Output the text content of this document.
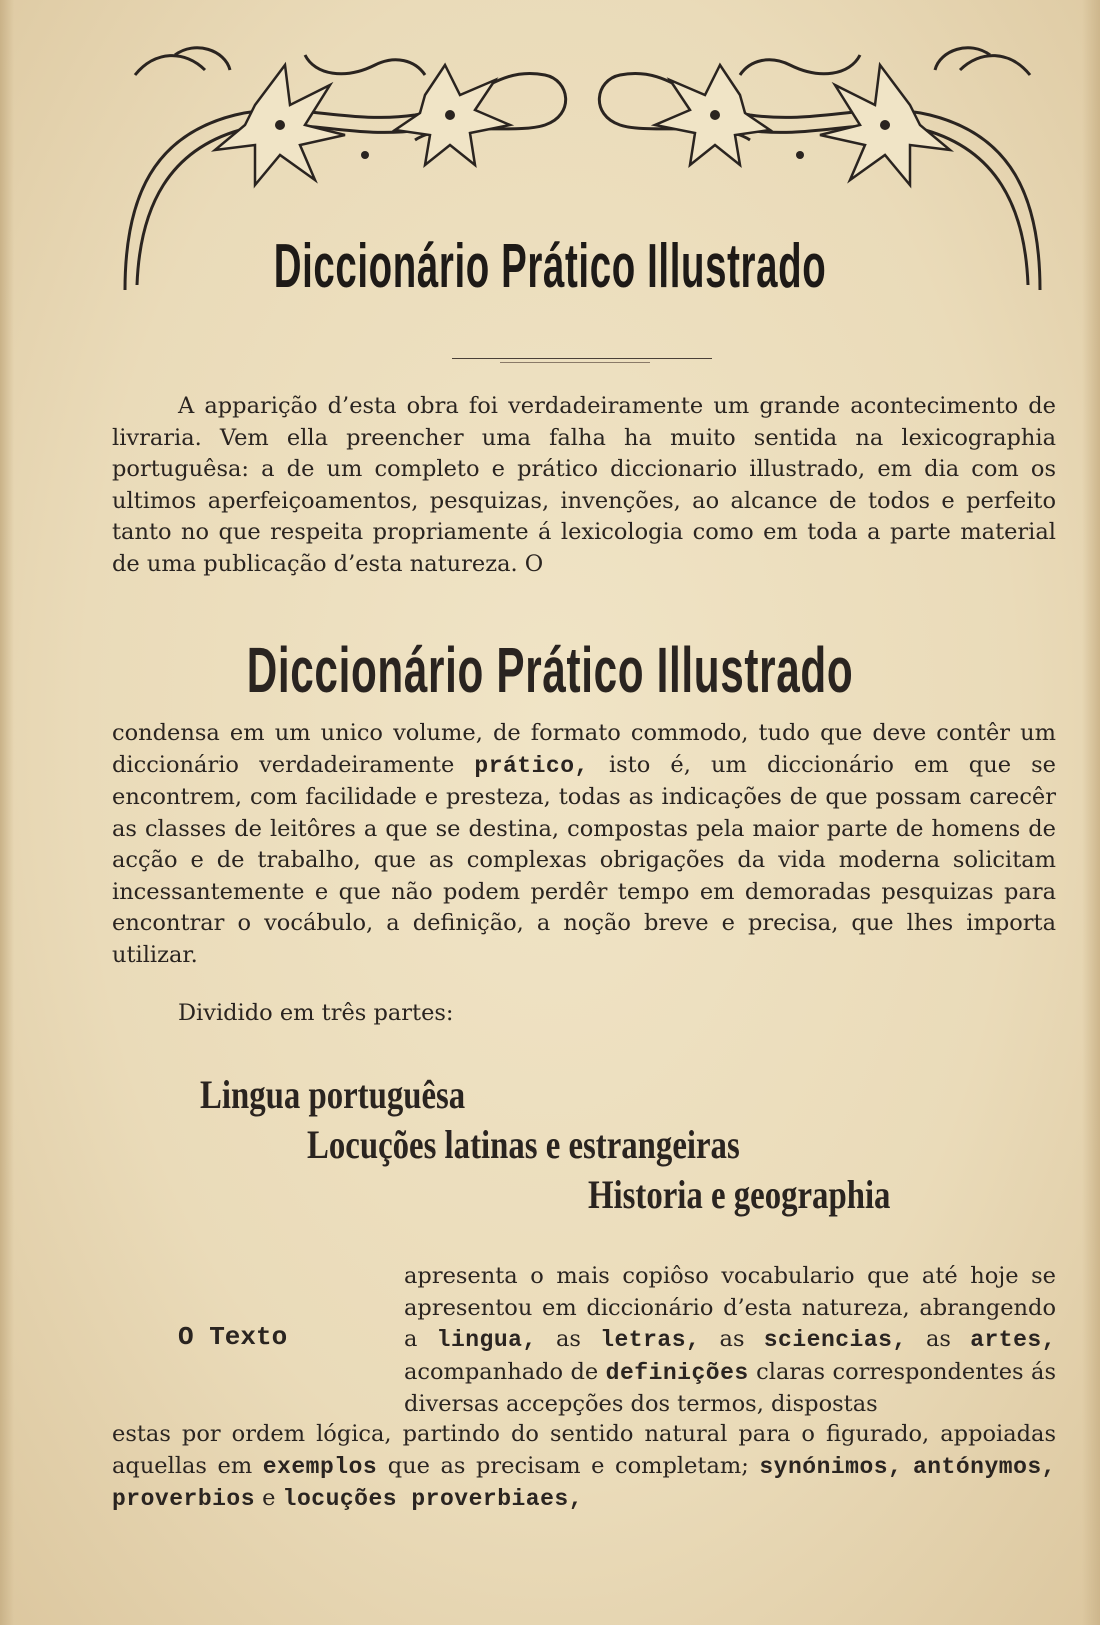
Diccionário Prático Illustrado

A apparição d’esta obra foi verdadeiramente um grande acontecimento de livraria. Vem ella preencher uma falha ha muito sentida na lexicographia portuguêsa: a de um completo e prático diccionario illustrado, em dia com os ultimos aperfeiçoamentos, pesquizas, invenções, ao alcance de todos e perfeito tanto no que respeita propriamente á lexicologia como em toda a parte material de uma publicação d’esta natureza. O

Diccionário Prático Illustrado

condensa em um unico volume, de formato commodo, tudo que deve contêr um diccionário verdadeiramente prático, isto é, um diccionário em que se encontrem, com facilidade e presteza, todas as indicações de que possam carecêr as classes de leitôres a que se destina, compostas pela maior parte de homens de acção e de trabalho, que as complexas obrigações da vida moderna solicitam incessantemente e que não podem perdêr tempo em demoradas pesquizas para encontrar o vocábulo, a definição, a noção breve e precisa, que lhes importa utilizar.

Dividido em três partes:

Lingua portuguêsa
Locuções latinas e estrangeiras
Historia e geographia
O Texto

apresenta o mais copiôso vocabulario que até hoje se apresentou em diccionário d’esta natureza, abrangendo a lingua, as letras, as sciencias, as artes, acompanhado de definições claras correspondentes ás diversas accepções dos termos, dispostas

estas por ordem lógica, partindo do sentido natural para o figurado, appoiadas aquellas em exemplos que as precisam e completam; synónimos, antónymos, proverbios e locuções proverbiaes,
